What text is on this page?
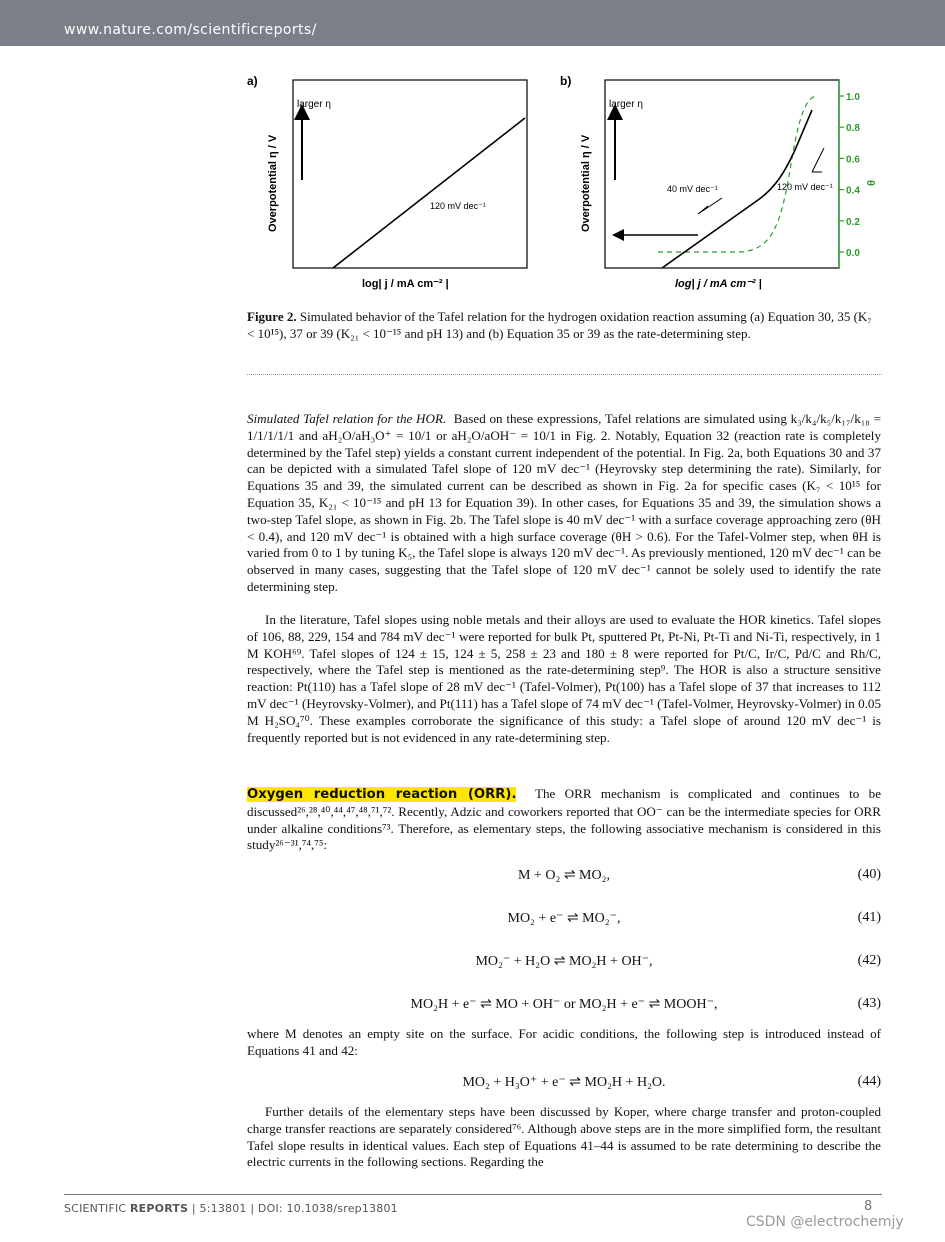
www.nature.com/scientificreports/
a)
larger η
120 mV dec⁻¹
Overpotential η / V
log| j / mA cm⁻² |
b)
larger η
40 mV dec⁻¹	120 mV dec⁻¹
Overpotential η / V
log| j / mA cm⁻² |
1.0
0.8
0.6
0.4
0.2
0.0
θ
Figure 2. Simulated behavior of the Tafel relation for the hydrogen oxidation reaction assuming (a) Equation 30, 35 (K₇ < 10¹⁵), 37 or 39 (K₂₁ < 10⁻¹⁵ and pH 13) and (b) Equation 35 or 39 as the rate-determining step.
Simulated Tafel relation for the HOR. Based on these expressions, Tafel relations are simulated using k₃/k₄/k₅/k₁₇/k₁₈ = 1/1/1/1/1 and aH₂O/aH₃O⁺ = 10/1 or aH₂O/aOH⁻ = 10/1 in Fig. 2. Notably, Equation 32 (reaction rate is completely determined by the Tafel step) yields a constant current independent of the potential. In Fig. 2a, both Equations 30 and 37 can be depicted with a simulated Tafel slope of 120 mV dec⁻¹ (Heyrovsky step determining the rate). Similarly, for Equations 35 and 39, the simulated current can be described as shown in Fig. 2a for specific cases (K₇ < 10¹⁵ for Equation 35, K₂₁ < 10⁻¹⁵ and pH 13 for Equation 39). In other cases, for Equations 35 and 39, the simulation shows a two-step Tafel slope, as shown in Fig. 2b. The Tafel slope is 40 mV dec⁻¹ with a surface coverage approaching zero (θH < 0.4), and 120 mV dec⁻¹ is obtained with a high surface coverage (θH > 0.6). For the Tafel-Volmer step, when θH is varied from 0 to 1 by tuning K₅, the Tafel slope is always 120 mV dec⁻¹. As previously mentioned, 120 mV dec⁻¹ can be observed in many cases, suggesting that the Tafel slope of 120 mV dec⁻¹ cannot be solely used to identify the rate determining step.
In the literature, Tafel slopes using noble metals and their alloys are used to evaluate the HOR kinetics. Tafel slopes of 106, 88, 229, 154 and 784 mV dec⁻¹ were reported for bulk Pt, sputtered Pt, Pt-Ni, Pt-Ti and Ni-Ti, respectively, in 1 M KOH⁶⁹. Tafel slopes of 124 ± 15, 124 ± 5, 258 ± 23 and 180 ± 8 were reported for Pt/C, Ir/C, Pd/C and Rh/C, respectively, where the Tafel step is mentioned as the rate-determining step⁹. The HOR is also a structure sensitive reaction: Pt(110) has a Tafel slope of 28 mV dec⁻¹ (Tafel-Volmer), Pt(100) has a Tafel slope of 37 that increases to 112 mV dec⁻¹ (Heyrovsky-Volmer), and Pt(111) has a Tafel slope of 74 mV dec⁻¹ (Tafel-Volmer, Heyrovsky-Volmer) in 0.05 M H₂SO₄⁷⁰. These examples corroborate the significance of this study: a Tafel slope of around 120 mV dec⁻¹ is frequently reported but is not evidenced in any rate-determining step.
Oxygen reduction reaction (ORR). The ORR mechanism is complicated and continues to be discussed²⁶,²⁸,⁴⁰,⁴⁴,⁴⁷,⁴⁸,⁷¹,⁷². Recently, Adzic and coworkers reported that OO⁻ can be the intermediate species for ORR under alkaline conditions⁷³. Therefore, as elementary steps, the following associative mechanism is considered in this study²⁶⁻³¹,⁷⁴,⁷⁵:
M + O₂ ⇌ MO₂,	(40)
MO₂ + e⁻ ⇌ MO₂⁻,	(41)
MO₂⁻ + H₂O ⇌ MO₂H + OH⁻,	(42)
MO₂H + e⁻ ⇌ MO + OH⁻ or MO₂H + e⁻ ⇌ MOOH⁻,	(43)
where M denotes an empty site on the surface. For acidic conditions, the following step is introduced instead of Equations 41 and 42:
MO₂ + H₃O⁺ + e⁻ ⇌ MO₂H + H₂O.	(44)
Further details of the elementary steps have been discussed by Koper, where charge transfer and proton-coupled charge transfer reactions are separately considered⁷⁶. Although above steps are in the more simplified form, the resultant Tafel slope results in identical values. Each step of Equations 41–44 is assumed to be rate determining to describe the electric currents in the following sections. Regarding the
SCIENTIFIC REPORTS | 5:13801 | DOI: 10.1038/srep13801	8
CSDN @electrochemjy
